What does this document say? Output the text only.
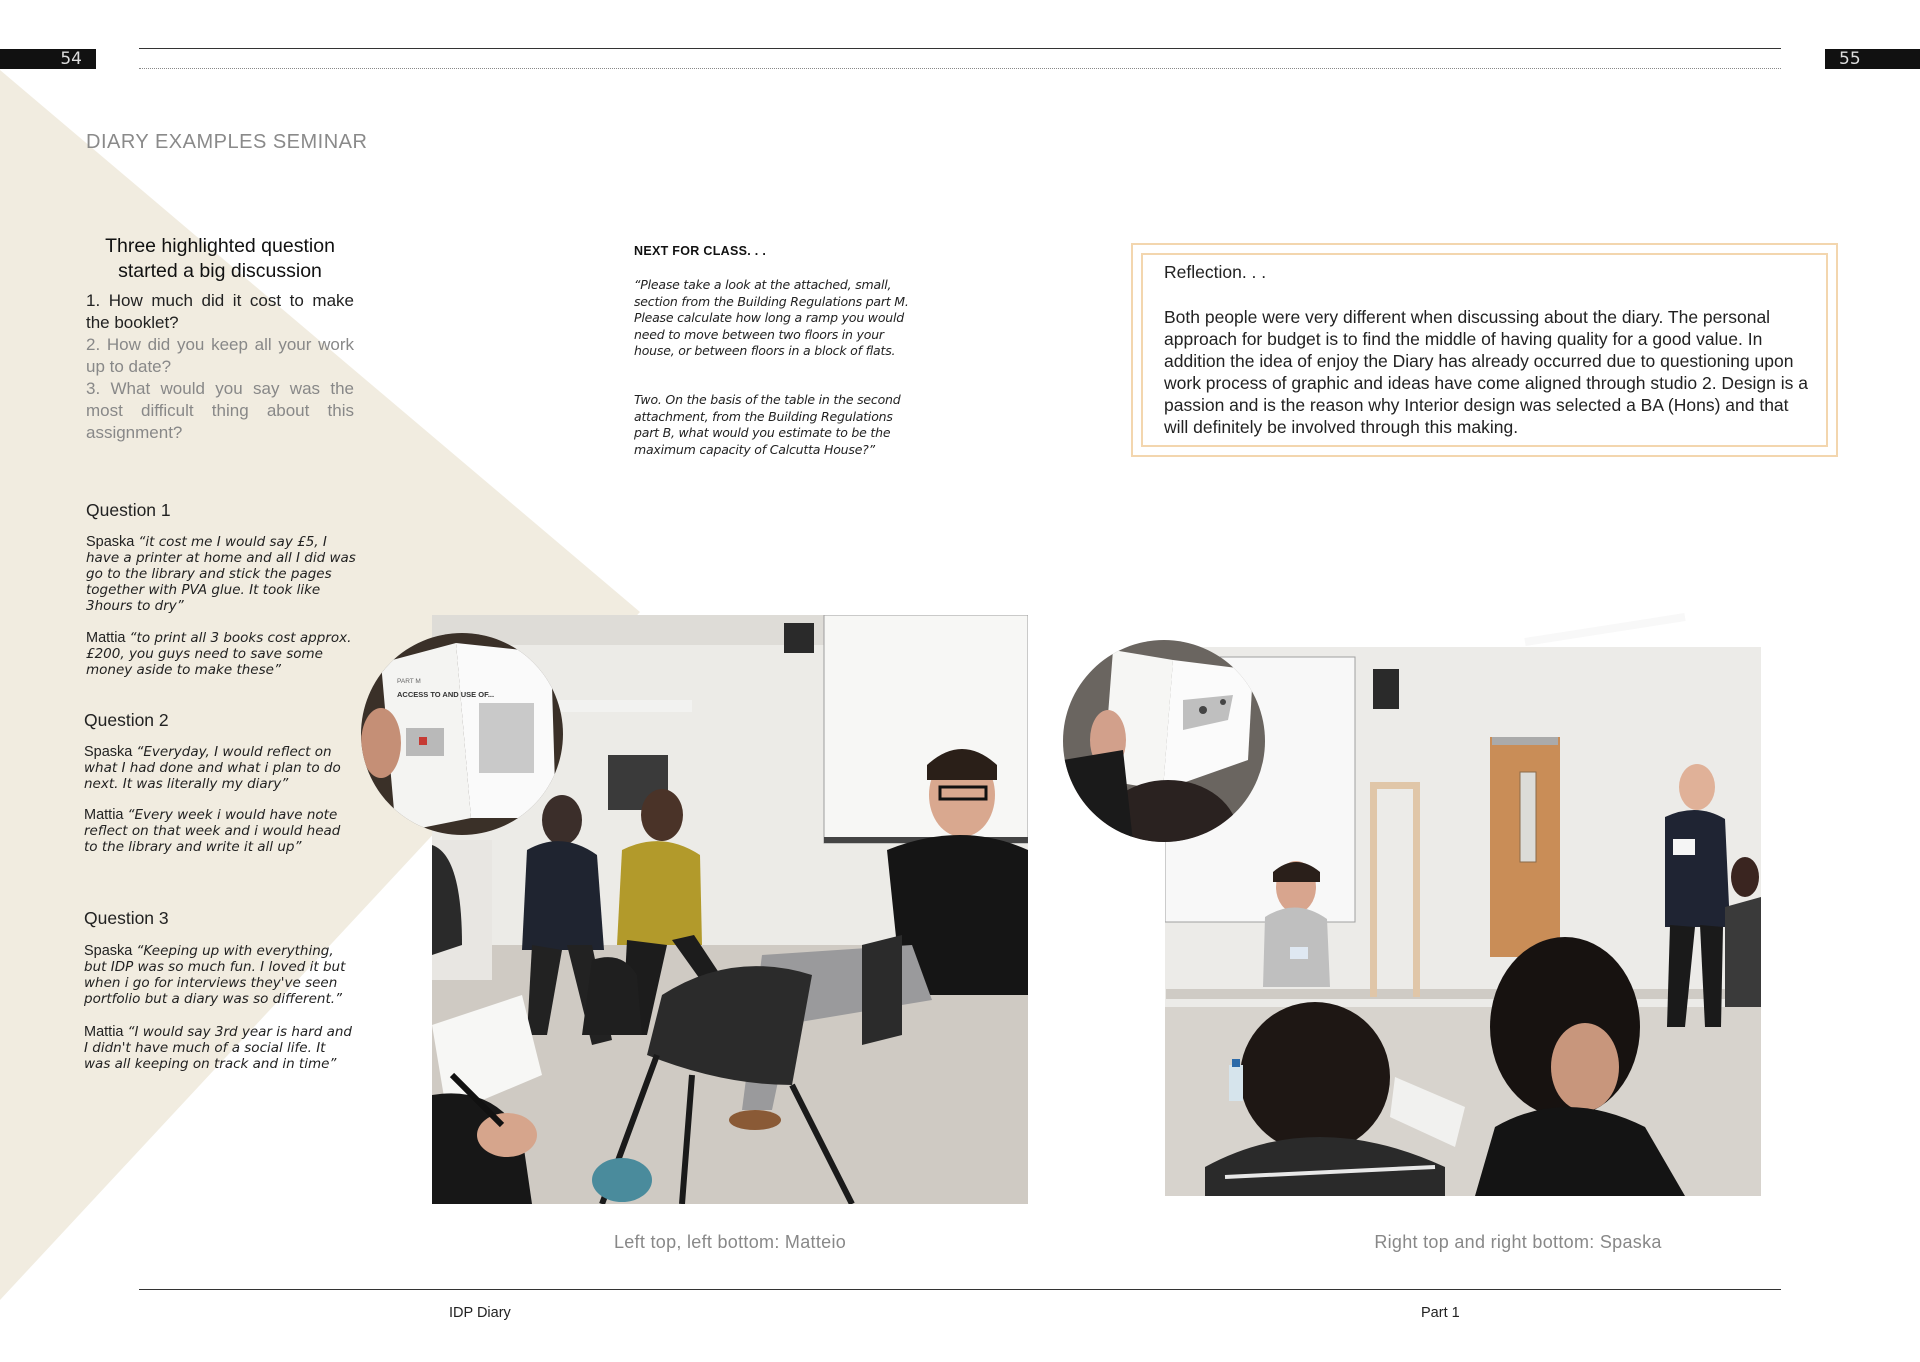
54	55
DIARY EXAMPLES SEMINAR
Three highlighted question
started a big discussion
1. How much did it cost to make the booklet?
2. How did you keep all your work up to date?
3. What would you say was the most difficult thing about this assignment?
Question 1
Spaska “it cost me I would say £5, I have a printer at home and all I did was go to the library and stick the pages together with PVA glue. It took like 3hours to dry”
Mattia “to print all 3 books cost approx. £200, you guys need to save some money aside to make these”
Question 2
Spaska “Everyday, I would reflect on what I had done and what i plan to do next. It was literally my diary”
Mattia “Every week i would have note reflect on that week and i would head to the library and write it all up”
Question 3
Spaska “Keeping up with everything, but IDP was so much fun. I loved it but when i go for interviews they've seen portfolio but a diary was so different.”
Mattia “I would say 3rd year is hard and I didn't have much of a social life. It was all keeping on track and in time”
NEXT FOR CLASS. . .
“Please take a look at the attached, small, section from the Building Regulations part M. Please calculate how long a ramp you would need to move between two floors in your house, or between floors in a block of flats.
Two. On the basis of the table in the second attachment, from the Building Regulations part B, what would you estimate to be the maximum capacity of Calcutta House?”
Reflection. . .
Both people were very different when discussing about the diary. The personal approach for budget is to find the middle of having quality for a good value. In addition the idea of enjoy the Diary has already occurred due to questioning upon work process of graphic and ideas have come aligned through studio 2. Design is a passion and is the reason why Interior design was selected a BA (Hons) and that will definitely be involved through this making.
PART M
ACCESS TO AND USE OF...
Left top, left bottom: Matteio	Right top and right bottom: Spaska
IDP Diary	Part 1
